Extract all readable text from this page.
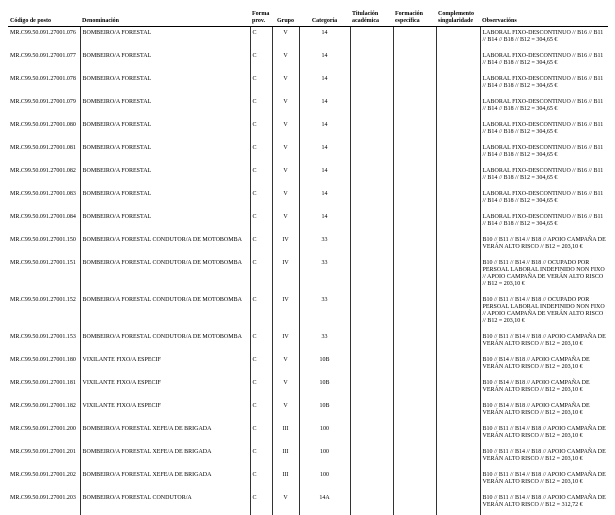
Código de posto	Denominación	Forma prov.	Grupo	Categoría	Titulación académica	Formación específica	Complemento singularidade	Observacións
MR.C99.50.091.27001.076	BOMBEIRO/A FORESTAL	C	V	14				LABORAL FIXO-DESCONTINUO // B16 // B11 // B14 // B18 // B12 = 304,65 €
MR.C99.50.091.27001.077	BOMBEIRO/A FORESTAL	C	V	14				LABORAL FIXO-DESCONTINUO // B16 // B11 // B14 // B18 // B12 = 304,65 €
MR.C99.50.091.27001.078	BOMBEIRO/A FORESTAL	C	V	14				LABORAL FIXO-DESCONTINUO // B16 // B11 // B14 // B18 // B12 = 304,65 €
MR.C99.50.091.27001.079	BOMBEIRO/A FORESTAL	C	V	14				LABORAL FIXO-DESCONTINUO // B16 // B11 // B14 // B18 // B12 = 304,65 €
MR.C99.50.091.27001.080	BOMBEIRO/A FORESTAL	C	V	14				LABORAL FIXO-DESCONTINUO // B16 // B11 // B14 // B18 // B12 = 304,65 €
MR.C99.50.091.27001.081	BOMBEIRO/A FORESTAL	C	V	14				LABORAL FIXO-DESCONTINUO // B16 // B11 // B14 // B18 // B12 = 304,65 €
MR.C99.50.091.27001.082	BOMBEIRO/A FORESTAL	C	V	14				LABORAL FIXO-DESCONTINUO // B16 // B11 // B14 // B18 // B12 = 304,65 €
MR.C99.50.091.27001.083	BOMBEIRO/A FORESTAL	C	V	14				LABORAL FIXO-DESCONTINUO // B16 // B11 // B14 // B18 // B12 = 304,65 €
MR.C99.50.091.27001.084	BOMBEIRO/A FORESTAL	C	V	14				LABORAL FIXO-DESCONTINUO // B16 // B11 // B14 // B18 // B12 = 304,65 €
MR.C99.50.091.27001.150	BOMBEIRO/A FORESTAL CONDUTOR/A DE MOTOBOMBA	C	IV	33				B10 // B11 // B14 // B18 // APOIO CAMPAÑA DE VERÁN ALTO RISCO // B12 = 203,10 €
MR.C99.50.091.27001.151	BOMBEIRO/A FORESTAL CONDUTOR/A DE MOTOBOMBA	C	IV	33				B10 // B11 // B14 // B18 // OCUPADO POR PERSOAL LABORAL INDEFINIDO NON FIXO // APOIO CAMPAÑA DE VERÁN ALTO RISCO // B12 = 203,10 €
MR.C99.50.091.27001.152	BOMBEIRO/A FORESTAL CONDUTOR/A DE MOTOBOMBA	C	IV	33				B10 // B11 // B14 // B18 // OCUPADO POR PERSOAL LABORAL INDEFINIDO NON FIXO // APOIO CAMPAÑA DE VERÁN ALTO RISCO // B12 = 203,10 €
MR.C99.50.091.27001.153	BOMBEIRO/A FORESTAL CONDUTOR/A DE MOTOBOMBA	C	IV	33				B10 // B11 // B14 // B18 // APOIO CAMPAÑA DE VERÁN ALTO RISCO // B12 = 203,10 €
MR.C99.50.091.27001.180	VIXILANTE FIXO/A ESPECIF	C	V	10B				B10 // B14 // B18 // APOIO CAMPAÑA DE VERÁN ALTO RISCO // B12 = 203,10 €
MR.C99.50.091.27001.181	VIXILANTE FIXO/A ESPECIF	C	V	10B				B10 // B14 // B18 // APOIO CAMPAÑA DE VERÁN ALTO RISCO // B12 = 203,10 €
MR.C99.50.091.27001.182	VIXILANTE FIXO/A ESPECIF	C	V	10B				B10 // B14 // B18 // APOIO CAMPAÑA DE VERÁN ALTO RISCO // B12 = 203,10 €
MR.C99.50.091.27001.200	BOMBEIRO/A FORESTAL XEFE/A DE BRIGADA	C	III	100				B10 // B11 // B14 // B18 // APOIO CAMPAÑA DE VERÁN ALTO RISCO // B12 = 203,10 €
MR.C99.50.091.27001.201	BOMBEIRO/A FORESTAL XEFE/A DE BRIGADA	C	III	100				B10 // B11 // B14 // B18 // APOIO CAMPAÑA DE VERÁN ALTO RISCO // B12 = 203,10 €
MR.C99.50.091.27001.202	BOMBEIRO/A FORESTAL XEFE/A DE BRIGADA	C	III	100				B10 // B11 // B14 // B18 // APOIO CAMPAÑA DE VERÁN ALTO RISCO // B12 = 203,10 €
MR.C99.50.091.27001.203	BOMBEIRO/A FORESTAL CONDUTOR/A	C	V	14A				B10 // B11 // B14 // B18 // APOIO CAMPAÑA DE VERÁN ALTO RISCO // B12 = 312,72 €
